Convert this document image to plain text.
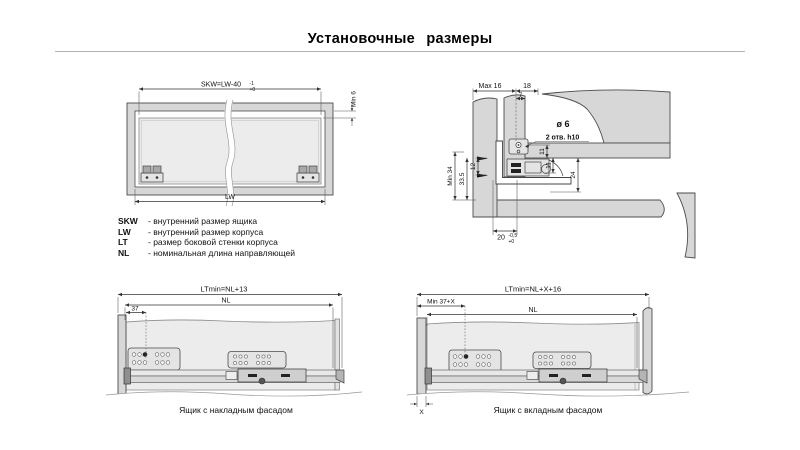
Установочные размеры
SKW=LW-40 -1
+0
Min 6
LW
SKW - внутренний размер ящика
LW - внутренний размер корпуса
LT - размер боковой стенки корпуса
NL - номинальная длина направляющей
Max 16	18
7
ø 6
2 отв. h10
12
33.5
Min 34
11
11
24
20 -0,5
+0
LTmin=NL+13
NL
37
Ящик с накладным фасадом
LTmin=NL+X+16
Min 37+X
NL
X	Ящик с вкладным фасадом
